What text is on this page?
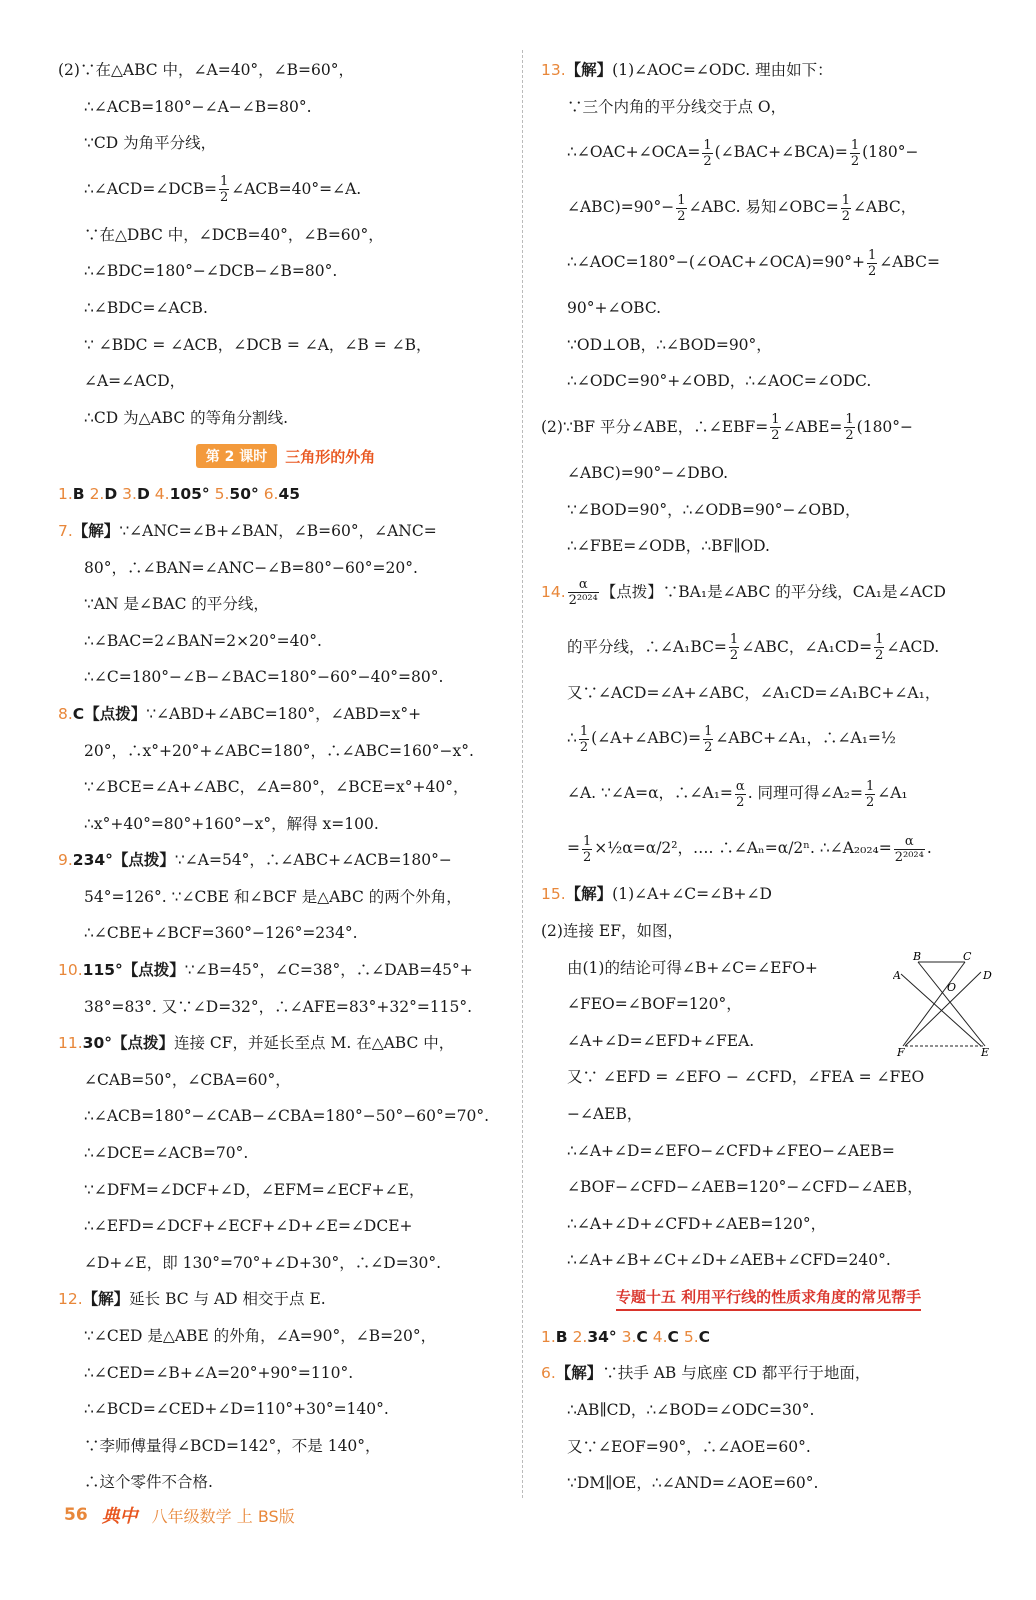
(2)∵在△ABC 中，∠A=40°，∠B=60°，
∴∠ACB=180°−∠A−∠B=80°.
∵CD 为角平分线，
∴∠ACD=∠DCB= $\frac{1}{2}$ ∠ACB=40°=∠A.
∵在△DBC 中，∠DCB=40°，∠B=60°，
∴∠BDC=180°−∠DCB−∠B=80°.
∴∠BDC=∠ACB.
∵ ∠BDC = ∠ACB，∠DCB = ∠A，∠B = ∠B，
∠A=∠ACD，
∴CD 为△ABC 的等角分割线.
第 2 课时	三角形的外角
1.B 2.D 3.D 4.105° 5.50° 6.45
7.【解】∵∠ANC=∠B+∠BAN，∠B=60°，∠ANC=
80°，∴∠BAN=∠ANC−∠B=80°−60°=20°.
∵AN 是∠BAC 的平分线，
∴∠BAC=2∠BAN=2×20°=40°.
∴∠C=180°−∠B−∠BAC=180°−60°−40°=80°.
8.C【点拨】∵∠ABD+∠ABC=180°，∠ABD=x°+
20°，∴x°+20°+∠ABC=180°，∴∠ABC=160°−x°.
∵∠BCE=∠A+∠ABC，∠A=80°，∠BCE=x°+40°，
∴x°+40°=80°+160°−x°，解得 x=100.
9.234°【点拨】∵∠A=54°，∴∠ABC+∠ACB=180°−
54°=126°. ∵∠CBE 和∠BCF 是△ABC 的两个外角，
∴∠CBE+∠BCF=360°−126°=234°.
10.115°【点拨】∵∠B=45°，∠C=38°，∴∠DAB=45°+
38°=83°. 又∵∠D=32°，∴∠AFE=83°+32°=115°.
11.30°【点拨】连接 CF，并延长至点 M. 在△ABC 中，
∠CAB=50°，∠CBA=60°，
∴∠ACB=180°−∠CAB−∠CBA=180°−50°−60°=70°.
∴∠DCE=∠ACB=70°.
∵∠DFM=∠DCF+∠D，∠EFM=∠ECF+∠E，
∴∠EFD=∠DCF+∠ECF+∠D+∠E=∠DCE+
∠D+∠E，即 130°=70°+∠D+30°，∴∠D=30°.
12.【解】延长 BC 与 AD 相交于点 E.
∵∠CED 是△ABE 的外角，∠A=90°，∠B=20°，
∴∠CED=∠B+∠A=20°+90°=110°.
∴∠BCD=∠CED+∠D=110°+30°=140°.
∵李师傅量得∠BCD=142°，不是 140°，
∴这个零件不合格.
13.【解】(1)∠AOC=∠ODC. 理由如下：
∵三个内角的平分线交于点 O，
∴∠OAC+∠OCA= $\frac{1}{2}$ (∠BAC+∠BCA)= $\frac{1}{2} (180^\circ-$
∠ABC)=90°− $\frac{1}{2}$ ∠ABC. 易知∠OBC= $\frac{1}{2}$ ∠ABC，
∴∠AOC=180°−(∠OAC+∠OCA)=90°+ $\frac{1}{2}$ ∠ABC=
90°+∠OBC.
∵OD⊥OB，∴∠BOD=90°，
∴∠ODC=90°+∠OBD，∴∠AOC=∠ODC.
(2)∵BF 平分∠ABE，∴∠EBF= $\frac{1}{2}$ ∠ABE= $\frac{1}{2} (180^\circ-$
∠ABC)=90°−∠DBO.
∵∠BOD=90°，∴∠ODB=90°−∠OBD，
∴∠FBE=∠ODB，∴BF∥OD.
14. $\frac{\alpha}{\text{2²⁰²⁴}}$ 【点拨】∵BA₁是∠ABC 的平分线，CA₁是∠ACD
的平分线，∴∠A₁BC= $\frac{1}{2}$ ∠ABC，∠A₁CD= $\frac{1}{2}$ ∠ACD.
又∵∠ACD=∠A+∠ABC，∠A₁CD=∠A₁BC+∠A₁，
∴ $\frac{1}{2}$ (∠A+∠ABC)= $\frac{1}{2}$ ∠ABC+∠A₁，∴∠A₁=½
∠A. ∵∠A=α，∴∠A₁= $\frac{\alpha}{2}$ . 同理可得∠A₂= $\frac{1}{2}$ ∠A₁
= $\frac{1}{2}$ ×½α=α/2²，…. ∴∠Aₙ=α/2ⁿ. ∴∠A₂₀₂₄= $\frac{\alpha}{\text{2²⁰²⁴}}$ .
15.【解】(1)∠A+∠C=∠B+∠D
(2)连接 EF，如图，
由(1)的结论可得∠B+∠C=∠EFO+
∠FEO=∠BOF=120°，
∠A+∠D=∠EFD+∠FEA.
又∵ ∠EFD = ∠EFO − ∠CFD，∠FEA = ∠FEO
−∠AEB，
∴∠A+∠D=∠EFO−∠CFD+∠FEO−∠AEB=
∠BOF−∠CFD−∠AEB=120°−∠CFD−∠AEB，
∴∠A+∠D+∠CFD+∠AEB=120°，
∴∠A+∠B+∠C+∠D+∠AEB+∠CFD=240°.
专题十五 利用平行线的性质求角度的常见帮手
1.B 2.34° 3.C 4.C 5.C
6.【解】∵扶手 AB 与底座 CD 都平行于地面，
∴AB∥CD，∴∠BOD=∠ODC=30°.
又∵∠EOF=90°，∴∠AOE=60°.
∵DM∥OE，∴∠AND=∠AOE=60°.
B	C
A	D
O
F	E
56 典中 八年级数学 上 BS版
